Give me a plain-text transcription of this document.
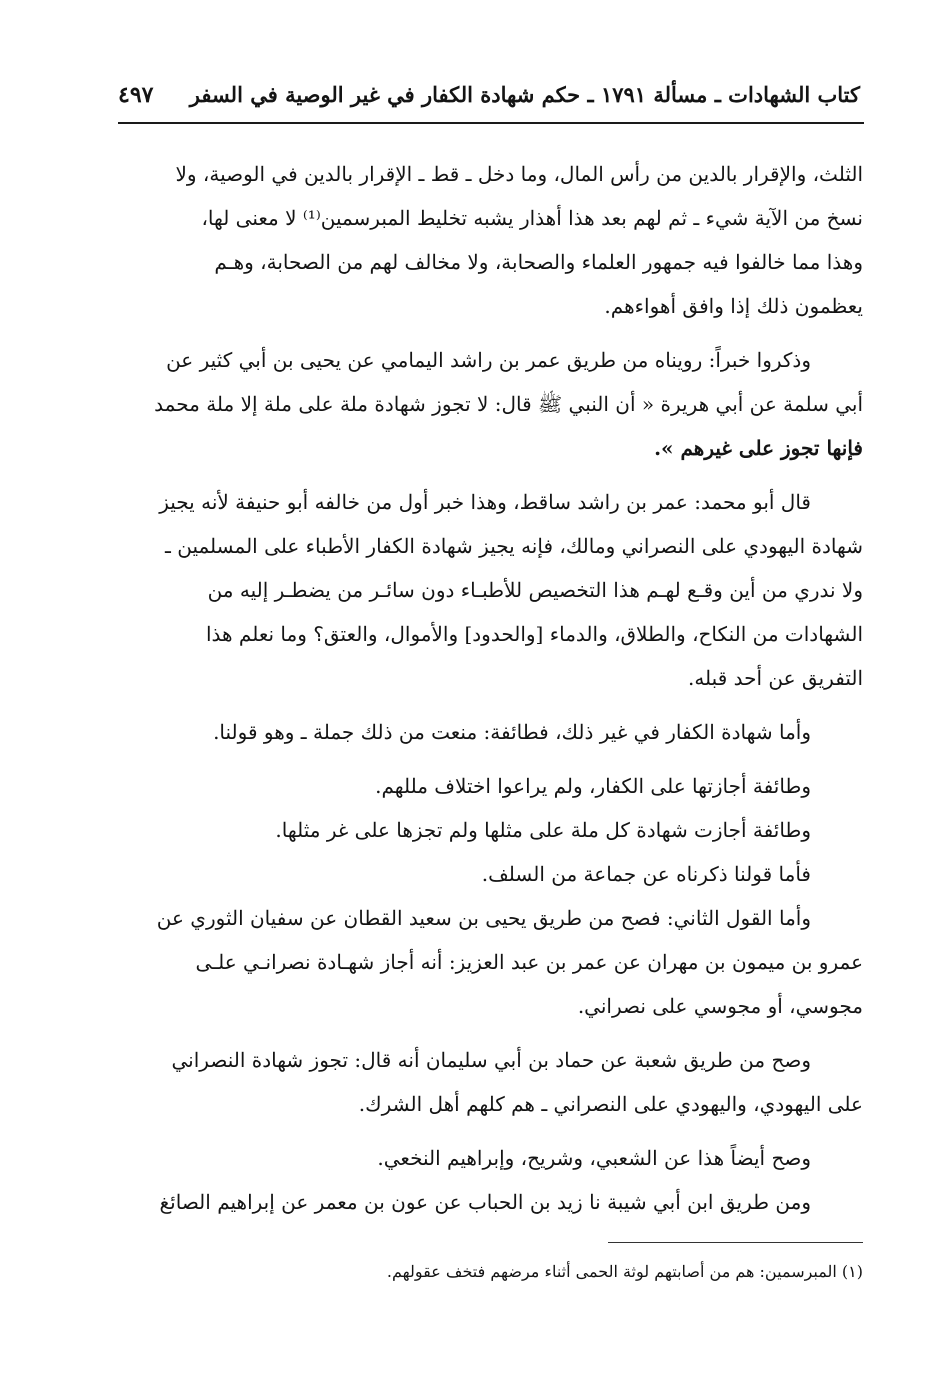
كتاب الشهادات ـ مسألة ١٧٩١ ـ حكم شهادة الكفار في غير الوصية في السفر
٤٩٧
الثلث، والإقرار بالدين من رأس المال، وما دخل ـ قط ـ الإقرار بالدين في الوصية، ولا
نسخ من الآية شيء ـ ثم لهم بعد هذا أهذار يشبه تخليط المبرسمين⁽¹⁾ لا معنى لها،
وهذا مما خالفوا فيه جمهور العلماء والصحابة، ولا مخالف لهم من الصحابة، وهـم
يعظمون ذلك إذا وافق أهواءهم.
وذكروا خبراً: رويناه من طريق عمر بن راشد اليمامي عن يحيى بن أبي كثير عن
أبي سلمة عن أبي هريرة « أن النبي ﷺ قال: لا تجوز شهادة ملة على ملة إلا ملة محمد
فإنها تجوز على غيرهم ».
قال أبو محمد: عمر بن راشد ساقط، وهذا خبر أول من خالفه أبو حنيفة لأنه يجيز
شهادة اليهودي على النصراني ومالك، فإنه يجيز شهادة الكفار الأطباء على المسلمين ـ
ولا ندري من أين وقـع لهـم هذا التخصيص للأطبـاء دون سائـر من يضطـر إليه من
الشهادات من النكاح، والطلاق، والدماء [والحدود] والأموال، والعتق؟ وما نعلم هذا
التفريق عن أحد قبله.
وأما شهادة الكفار في غير ذلك، فطائفة: منعت من ذلك جملة ـ وهو قولنا.
وطائفة أجازتها على الكفار، ولم يراعوا اختلاف مللهم.
وطائفة أجازت شهادة كل ملة على مثلها ولم تجزها على غر مثلها.
فأما قولنا ذكرناه عن جماعة من السلف.
وأما القول الثاني: فصح من طريق يحيى بن سعيد القطان عن سفيان الثوري عن
عمرو بن ميمون بن مهران عن عمر بن عبد العزيز: أنه أجاز شهـادة نصرانـي علـى
مجوسي، أو مجوسي على نصراني.
وصح من طريق شعبة عن حماد بن أبي سليمان أنه قال: تجوز شهادة النصراني
على اليهودي، واليهودي على النصراني ـ هم كلهم أهل الشرك.
وصح أيضاً هذا عن الشعبي، وشريح، وإبراهيم النخعي.
ومن طريق ابن أبي شيبة نا زيد بن الحباب عن عون بن معمر عن إبراهيم الصائغ
(١) المبرسمين: هم من أصابتهم لوثة الحمى أثناء مرضهم فتخف عقولهم.
